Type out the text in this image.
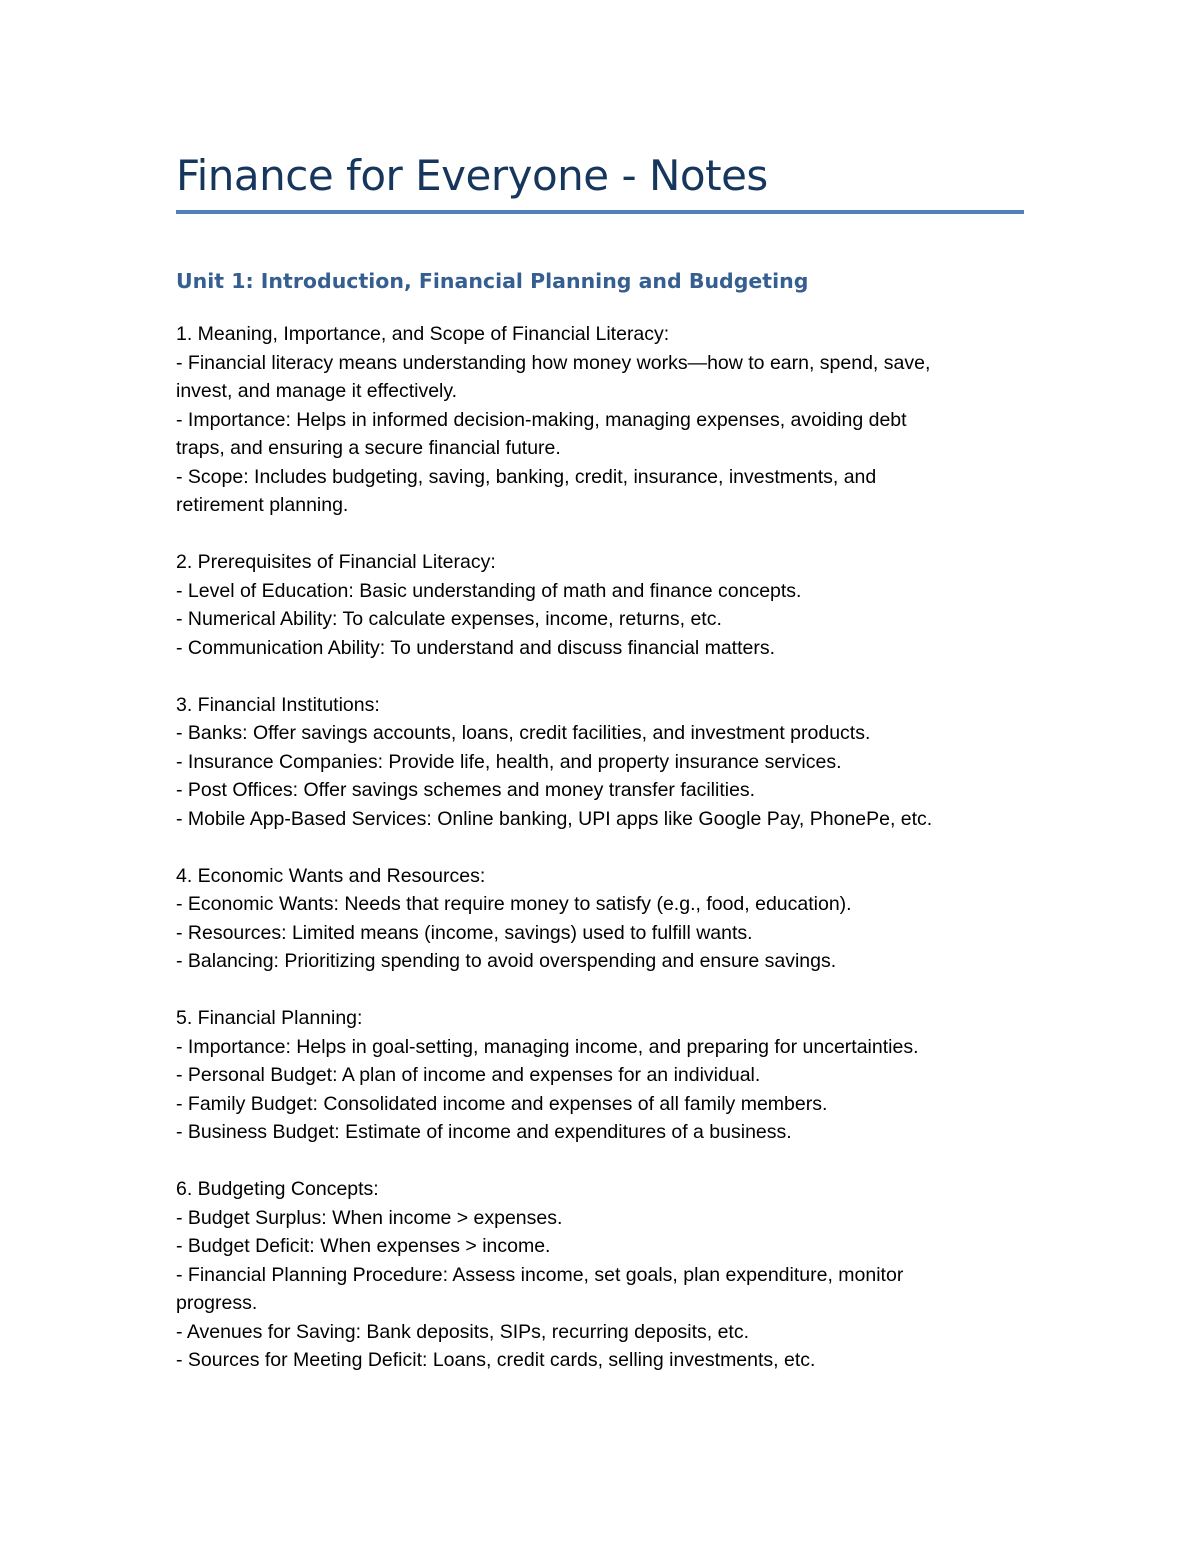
Finance for Everyone - Notes
Unit 1: Introduction, Financial Planning and Budgeting

1. Meaning, Importance, and Scope of Financial Literacy:

- Financial literacy means understanding how money works—how to earn, spend, save,

invest, and manage it effectively.

- Importance: Helps in informed decision-making, managing expenses, avoiding debt

traps, and ensuring a secure financial future.

- Scope: Includes budgeting, saving, banking, credit, insurance, investments, and

retirement planning.

2. Prerequisites of Financial Literacy:

- Level of Education: Basic understanding of math and finance concepts.

- Numerical Ability: To calculate expenses, income, returns, etc.

- Communication Ability: To understand and discuss financial matters.

3. Financial Institutions:

- Banks: Offer savings accounts, loans, credit facilities, and investment products.

- Insurance Companies: Provide life, health, and property insurance services.

- Post Offices: Offer savings schemes and money transfer facilities.

- Mobile App-Based Services: Online banking, UPI apps like Google Pay, PhonePe, etc.

4. Economic Wants and Resources:

- Economic Wants: Needs that require money to satisfy (e.g., food, education).

- Resources: Limited means (income, savings) used to fulfill wants.

- Balancing: Prioritizing spending to avoid overspending and ensure savings.

5. Financial Planning:

- Importance: Helps in goal-setting, managing income, and preparing for uncertainties.

- Personal Budget: A plan of income and expenses for an individual.

- Family Budget: Consolidated income and expenses of all family members.

- Business Budget: Estimate of income and expenditures of a business.

6. Budgeting Concepts:

- Budget Surplus: When income > expenses.

- Budget Deficit: When expenses > income.

- Financial Planning Procedure: Assess income, set goals, plan expenditure, monitor

progress.

- Avenues for Saving: Bank deposits, SIPs, recurring deposits, etc.

- Sources for Meeting Deficit: Loans, credit cards, selling investments, etc.
